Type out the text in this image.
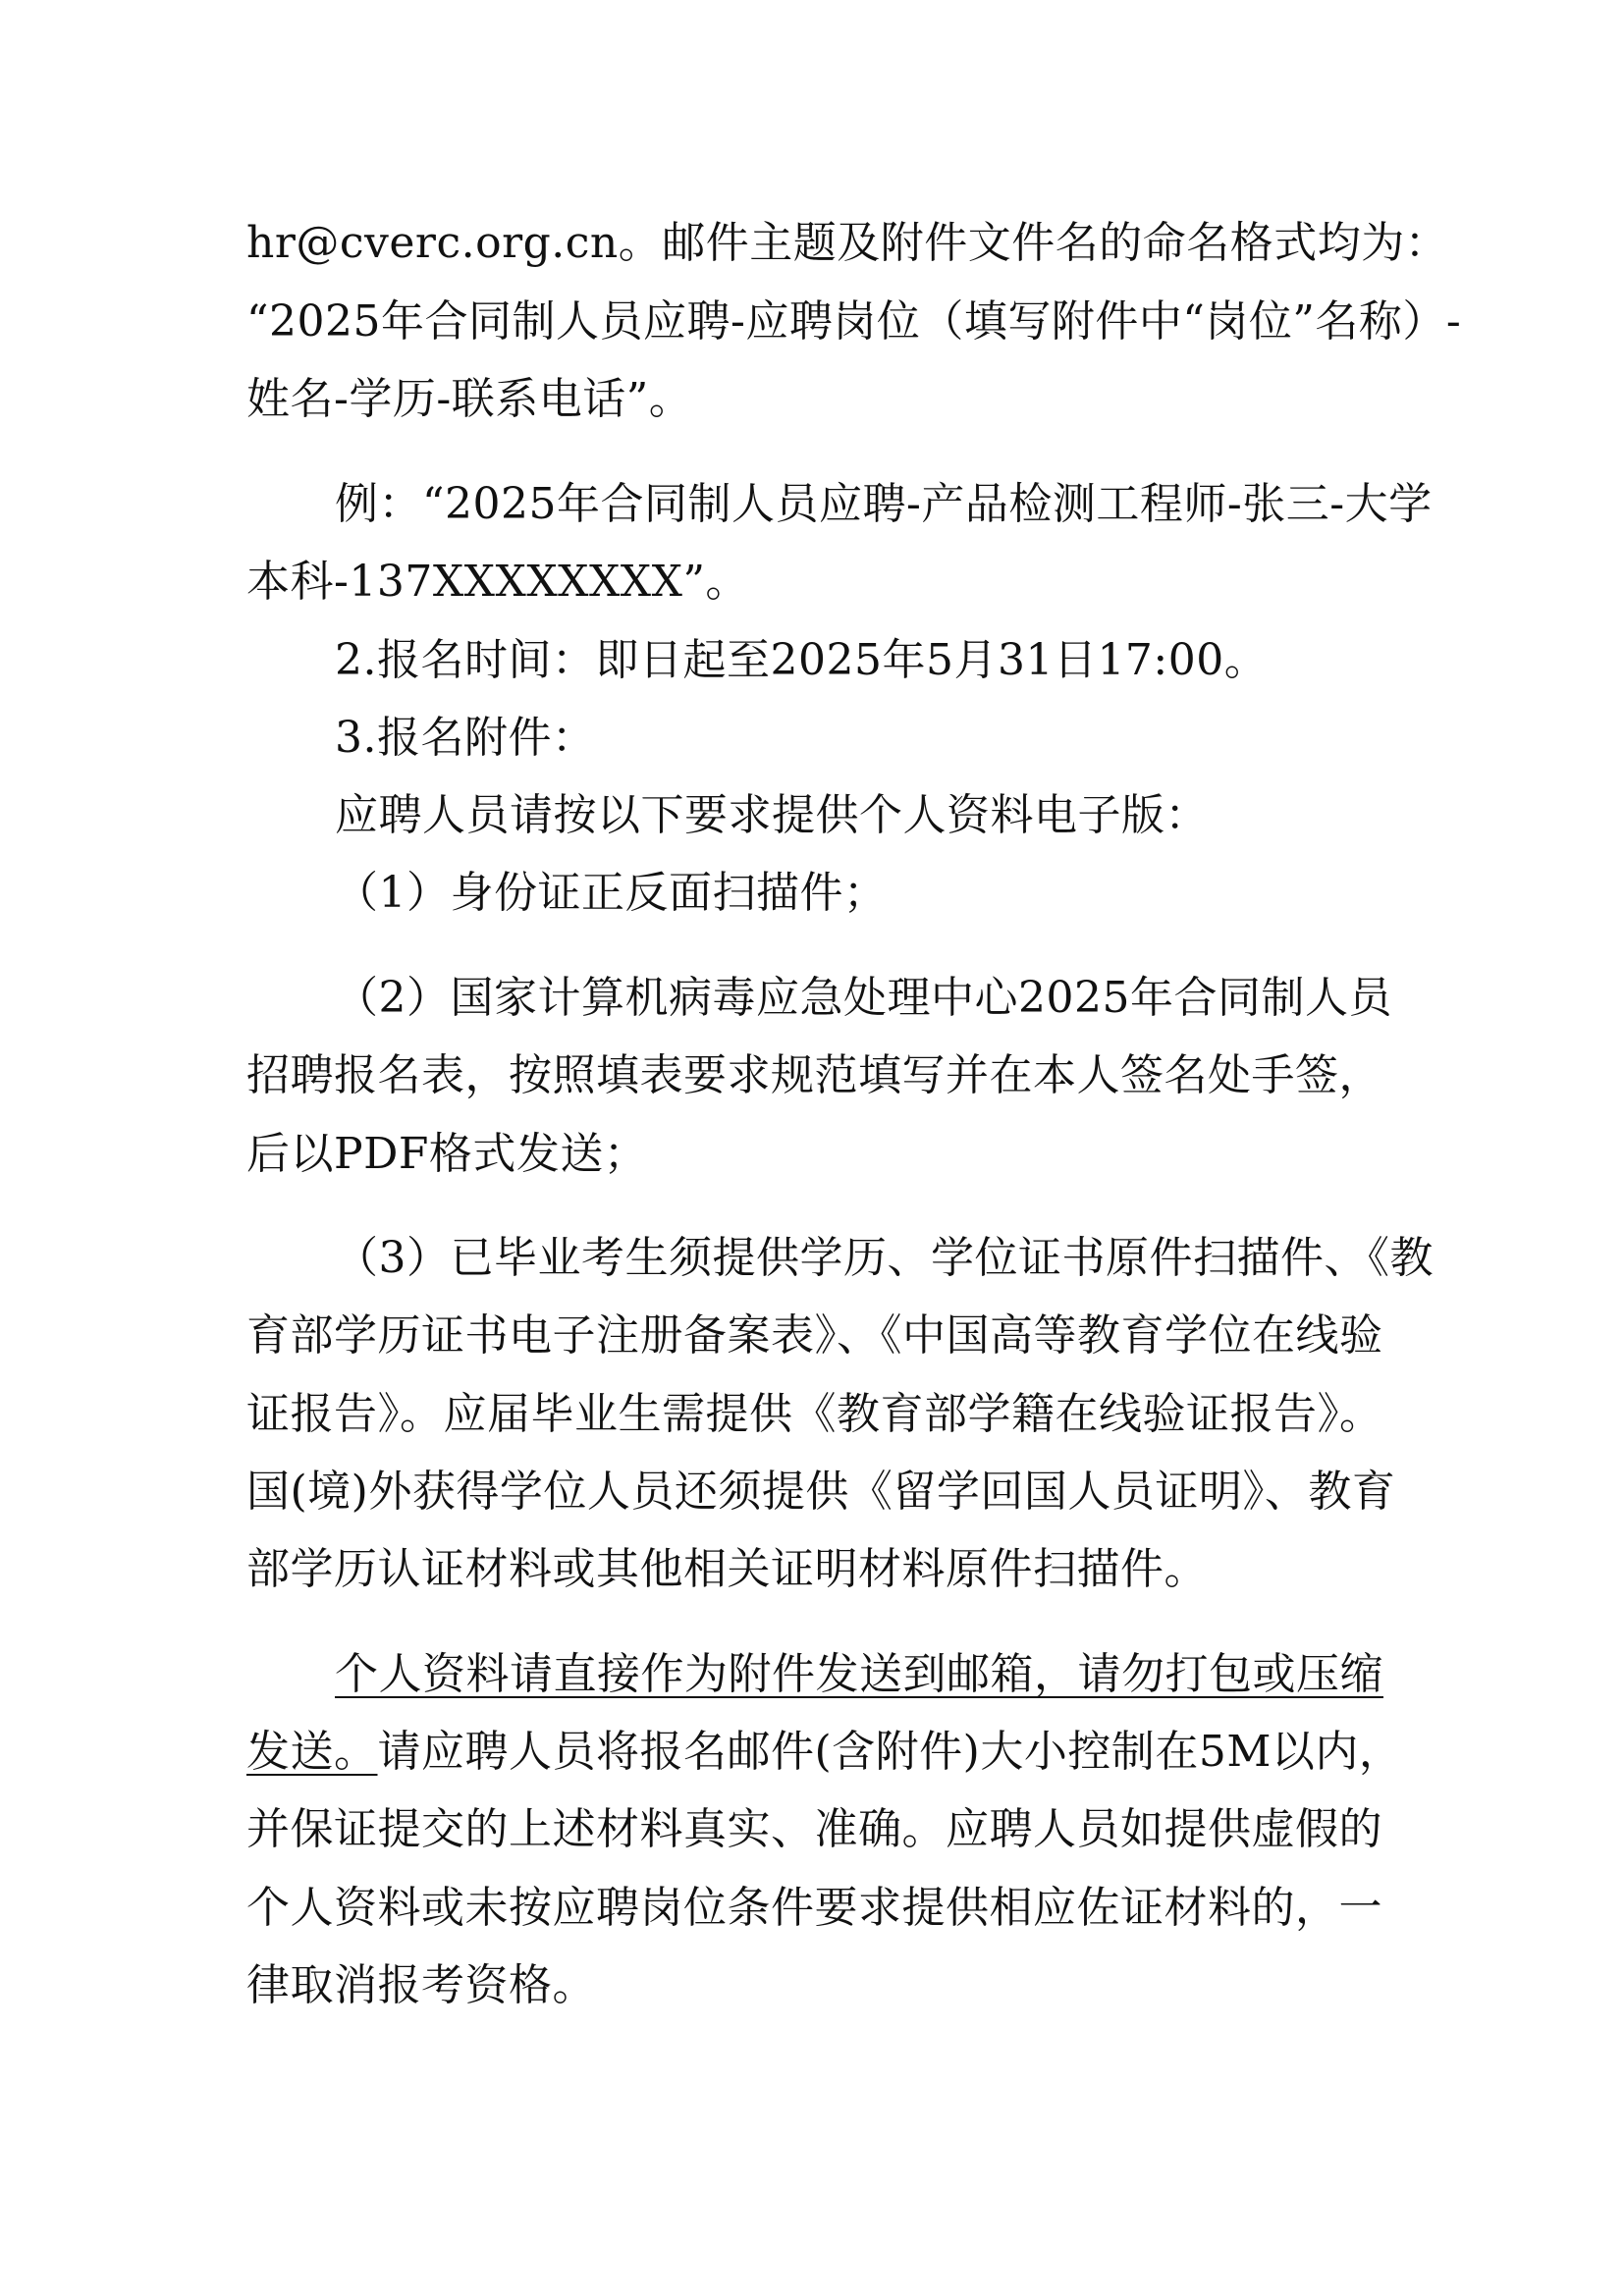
hr@cverc.org.cn。邮件主题及附件文件名的命名格式均为：
“2025年合同制人员应聘-应聘岗位（填写附件中“岗位”名称）-
姓名-学历-联系电话”。
例：“2025年合同制人员应聘-产品检测工程师-张三-大学
本科-137XXXXXXXX”。
2.报名时间：即日起至2025年5月31日17:00。
3.报名附件：
应聘人员请按以下要求提供个人资料电子版：
（1）身份证正反面扫描件；
（2）国家计算机病毒应急处理中心2025年合同制人员
招聘报名表，按照填表要求规范填写并在本人签名处手签，
后以PDF格式发送；
（3）已毕业考生须提供学历、学位证书原件扫描件、《教
育部学历证书电子注册备案表》、《中国高等教育学位在线验
证报告》。应届毕业生需提供《教育部学籍在线验证报告》。
国(境)外获得学位人员还须提供《留学回国人员证明》、教育
部学历认证材料或其他相关证明材料原件扫描件。
个人资料请直接作为附件发送到邮箱，请勿打包或压缩
发送。请应聘人员将报名邮件(含附件)大小控制在5M以内，
并保证提交的上述材料真实、准确。应聘人员如提供虚假的
个人资料或未按应聘岗位条件要求提供相应佐证材料的，一
律取消报考资格。
